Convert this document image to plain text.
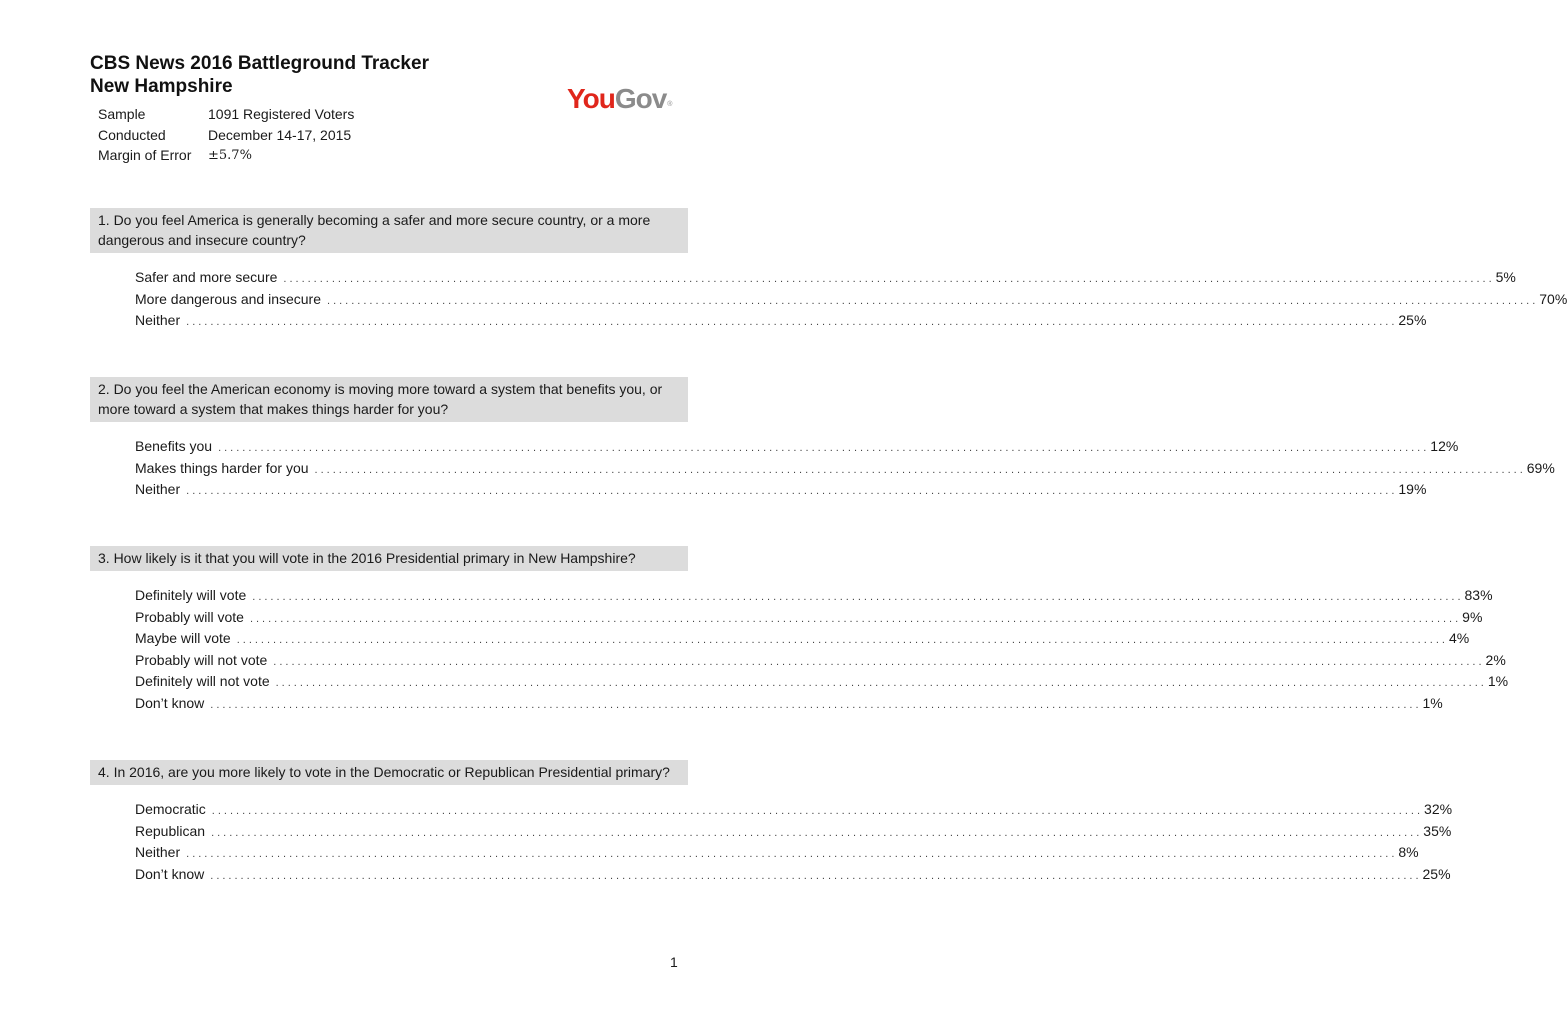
CBS News 2016 Battleground Tracker
New Hampshire	YouGov®
Sample	1091 Registered Voters
Conducted	December 14-17, 2015
Margin of Error	±5.7%
1. Do you feel America is generally becoming a safer and more secure country, or a more dangerous and insecure country?
Safer and more secure ........................................................................................................................................................................................................ 5%
More dangerous and insecure ........................................................................................................................................................................................................ 70%
Neither ........................................................................................................................................................................................................ 25%
2. Do you feel the American economy is moving more toward a system that benefits you, or more toward a system that makes things harder for you?
Benefits you ........................................................................................................................................................................................................ 12%
Makes things harder for you ........................................................................................................................................................................................................ 69%
Neither ........................................................................................................................................................................................................ 19%
3. How likely is it that you will vote in the 2016 Presidential primary in New Hampshire?
Definitely will vote ........................................................................................................................................................................................................ 83%
Probably will vote ........................................................................................................................................................................................................ 9%
Maybe will vote ........................................................................................................................................................................................................ 4%
Probably will not vote ........................................................................................................................................................................................................ 2%
Definitely will not vote ........................................................................................................................................................................................................ 1%
Don’t know ........................................................................................................................................................................................................ 1%
4. In 2016, are you more likely to vote in the Democratic or Republican Presidential primary?
Democratic ........................................................................................................................................................................................................ 32%
Republican ........................................................................................................................................................................................................ 35%
Neither ........................................................................................................................................................................................................ 8%
Don’t know ........................................................................................................................................................................................................ 25%
1
